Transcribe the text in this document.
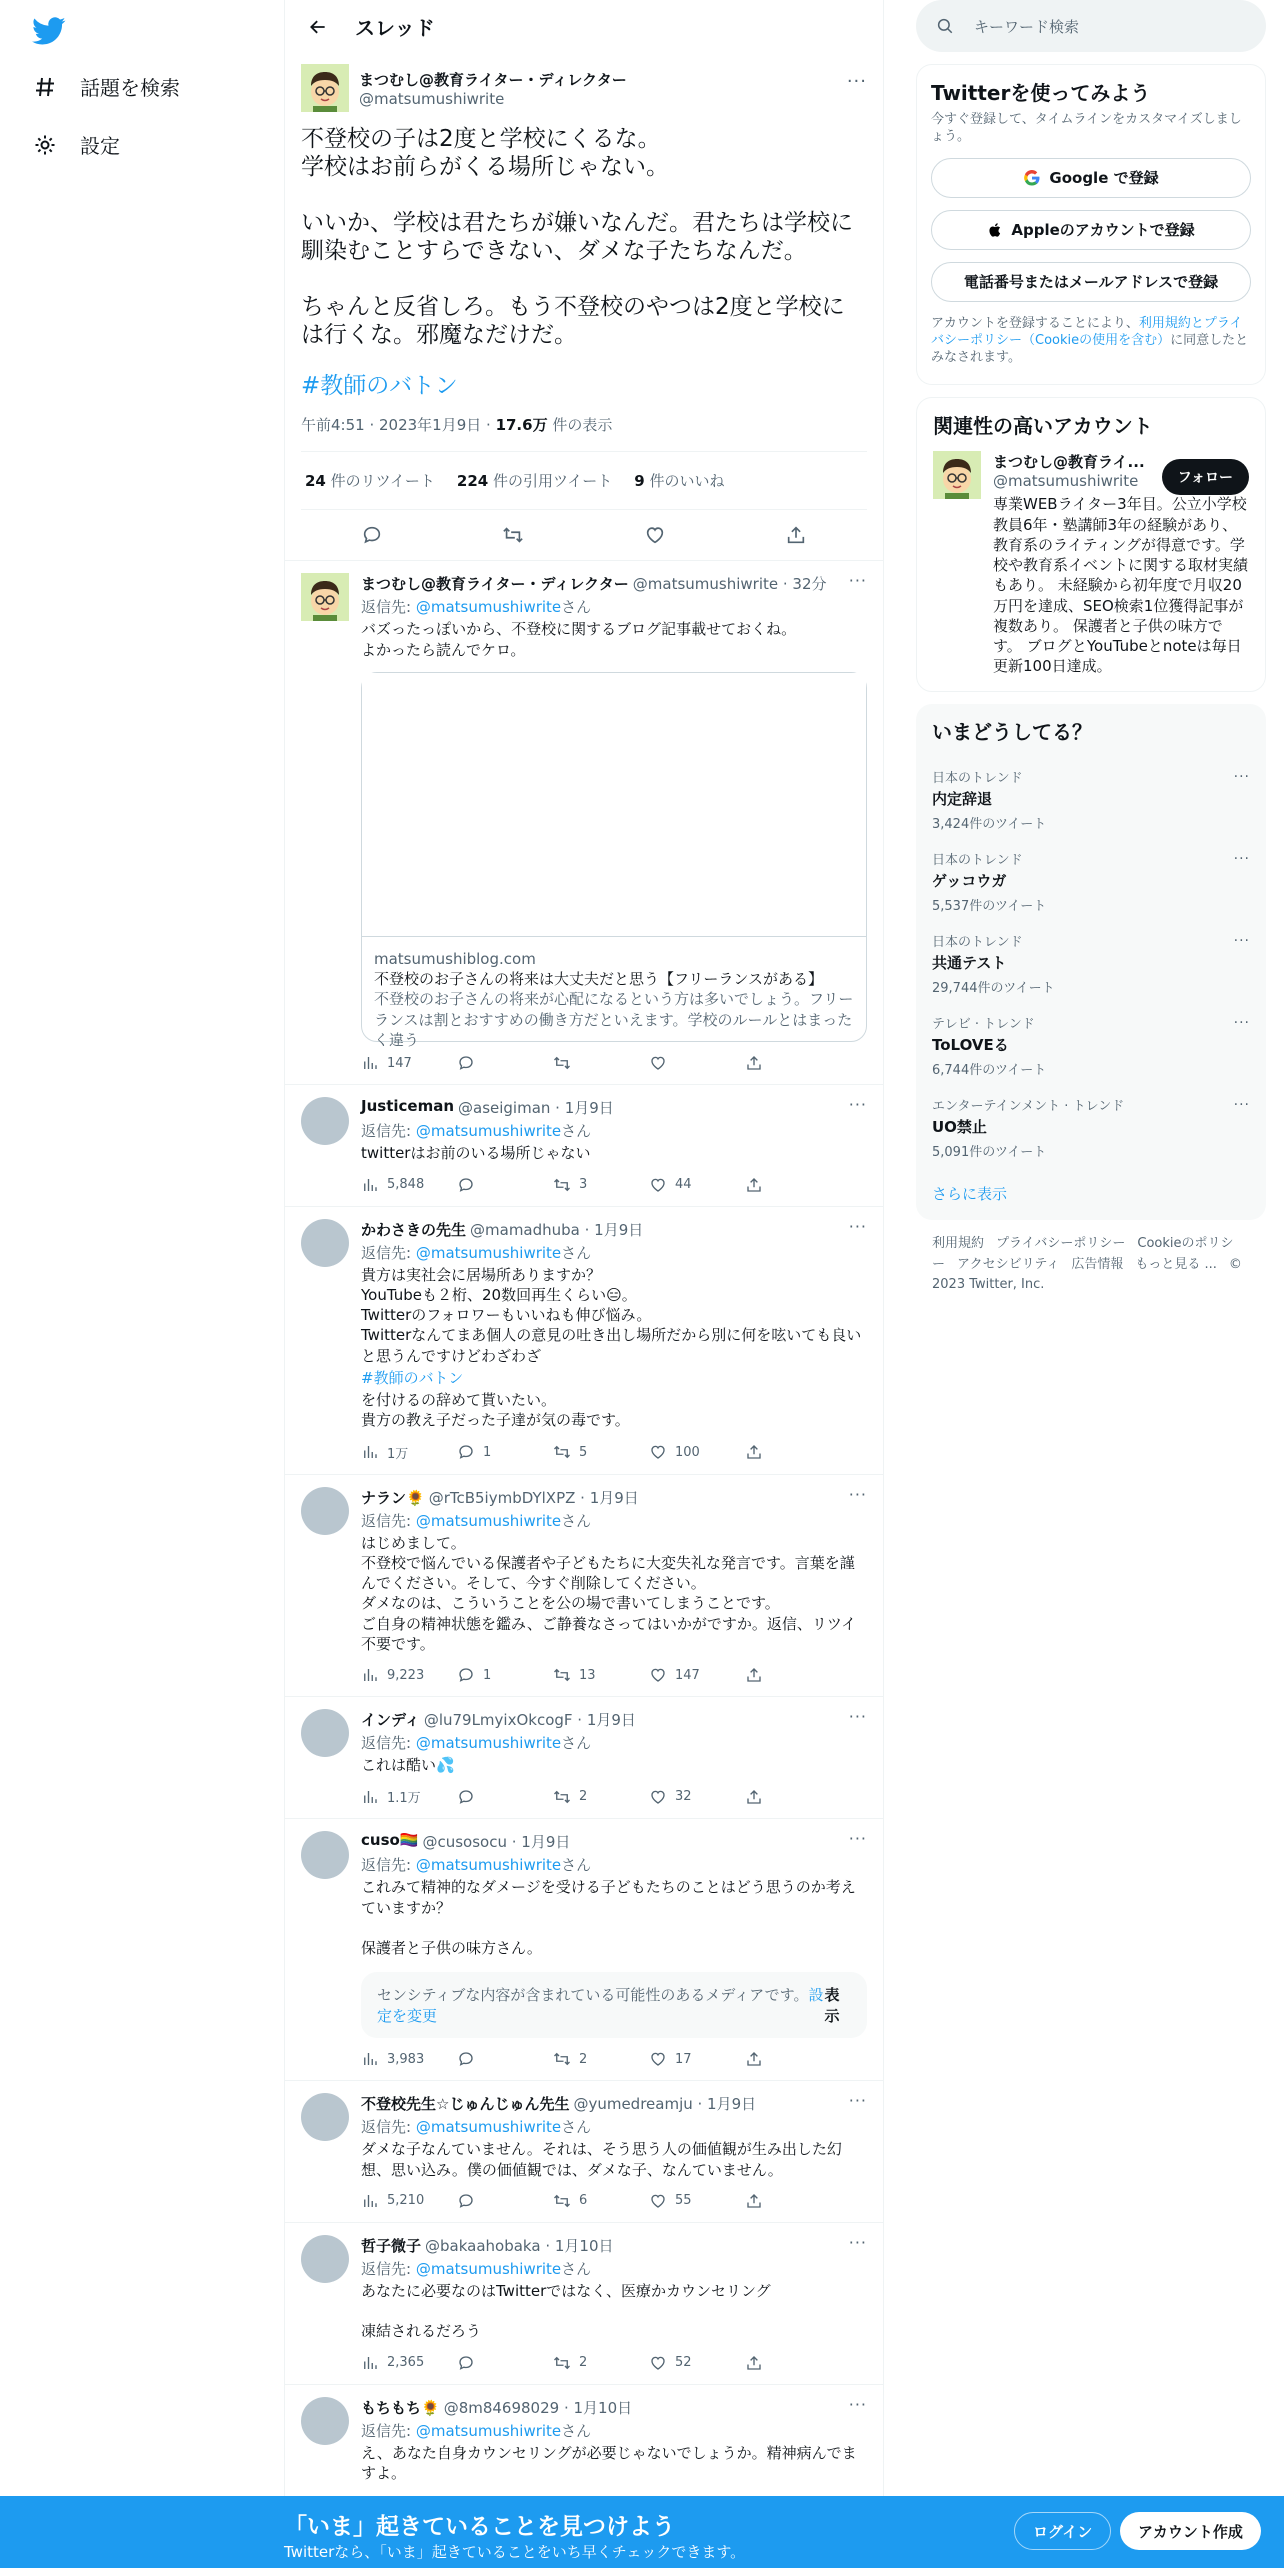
話題を検索
設定
スレッド
まつむし@教育ライター・ディレクター
@matsumushiwrite
···
不登校の子は2度と学校にくるな。
学校はお前らがくる場所じゃない。

いいか、学校は君たちが嫌いなんだ。君たちは学校に馴染むことすらできない、ダメな子たちなんだ。

ちゃんと反省しろ。もう不登校のやつは2度と学校には行くな。邪魔なだけだ。
#教師のバトン
午前4:51 · 2023年1月9日 · 17.6万 件の表示
24 件のリツイート 224 件の引用ツイート 9 件のいいね
まつむし@教育ライター・ディレクター @matsumushiwrite · 32分 ···
返信先: @matsumushiwriteさん
バズったっぽいから、不登校に関するブログ記事載せておくね。
よかったら読んでケロ。
matsumushiblog.com
不登校のお子さんの将来は大丈夫だと思う【フリーランスがある】
不登校のお子さんの将来が心配になるという方は多いでしょう。フリーランスは割とおすすめの働き方だといえます。学校のルールとはまったく違う
147
Justiceman @aseigiman · 1月9日	···
返信先: @matsumushiwriteさん
twitterはお前のいる場所じゃない
5,848	3	44
かわさきの先生 @mamadhuba · 1月9日	···
返信先: @matsumushiwriteさん
貴方は実社会に居場所ありますか？
YouTubeも２桁、20数回再生くらい😑。
Twitterのフォロワーもいいねも伸び悩み。
Twitterなんてまあ個人の意見の吐き出し場所だから別に何を呟いても良いと思うんですけどわざわざ
#教師のバトン
を付けるの辞めて貰いたい。
貴方の教え子だった子達が気の毒です。
1万	1	5	100
ナラン🌻 @rTcB5iymbDYlXPZ · 1月9日	···
返信先: @matsumushiwriteさん
はじめまして。
不登校で悩んでいる保護者や子どもたちに大変失礼な発言です。言葉を謹んでください。そして、今すぐ削除してください。
ダメなのは、こういうことを公の場で書いてしまうことです。
ご自身の精神状態を鑑み、ご静養なさってはいかがですか。返信、リツイ不要です。
9,223	1	13	147
インディ @lu79LmyixOkcogF · 1月9日	···
返信先: @matsumushiwriteさん
これは酷い💦
1.1万	2	32
cuso🏳️‍🌈 @cusosocu · 1月9日	···
返信先: @matsumushiwriteさん
これみて精神的なダメージを受ける子どもたちのことはどう思うのか考えていますか？

保護者と子供の味方さん。
センシティブな内容が含まれている可能性のあるメディアです。設定を変更
表示
3,983	2	17
不登校先生☆じゅんじゅん先生 @yumedreamju · 1月9日	···
返信先: @matsumushiwriteさん
ダメな子なんていません。それは、そう思う人の価値観が生み出した幻想、思い込み。僕の価値観では、ダメな子、なんていません。
5,210	6	55
哲子微子 @bakaahobaka · 1月10日	···
返信先: @matsumushiwriteさん
あなたに必要なのはTwitterではなく、医療かカウンセリング

凍結されるだろう
2,365	2	52
もちもち🌻 @8m84698029 · 1月10日	···
返信先: @matsumushiwriteさん
え、あなた自身カウンセリングが必要じゃないでしょうか。精神病んでますよ。
キーワード検索
Twitterを使ってみよう
今すぐ登録して、タイムラインをカスタマイズしましょう。
Google で登録
Appleのアカウントで登録
電話番号またはメールアドレスで登録
アカウントを登録することにより、利用規約とプライバシーポリシー（Cookieの使用を含む）に同意したとみなされます。
関連性の高いアカウント
まつむし@教育ライ...
@matsumushiwrite
専業WEBライター3年目。公立小学校教員6年・塾講師3年の経験があり、教育系のライティングが得意です。学校や教育系イベントに関する取材実績もあり。 未経験から初年度で月収20万円を達成、SEO検索1位獲得記事が複数あり。 保護者と子供の味方です。 ブログとYouTubeとnoteは毎日更新100日達成。
フォロー
いまどうしてる？
日本のトレンド
内定辞退
3,424件のツイート
···
日本のトレンド
ゲッコウガ
5,537件のツイート
···
日本のトレンド
共通テスト
29,744件のツイート
···
テレビ · トレンド
ToLOVEる
6,744件のツイート
···
エンターテインメント · トレンド
UO禁止
5,091件のツイート
···
さらに表示
利用規約 プライバシーポリシー Cookieのポリシー アクセシビリティ 広告情報 もっと見る ... © 2023 Twitter, Inc.
「いま」起きていることを見つけよう
Twitterなら、「いま」起きていることをいち早くチェックできます。
ログイン	アカウント作成
